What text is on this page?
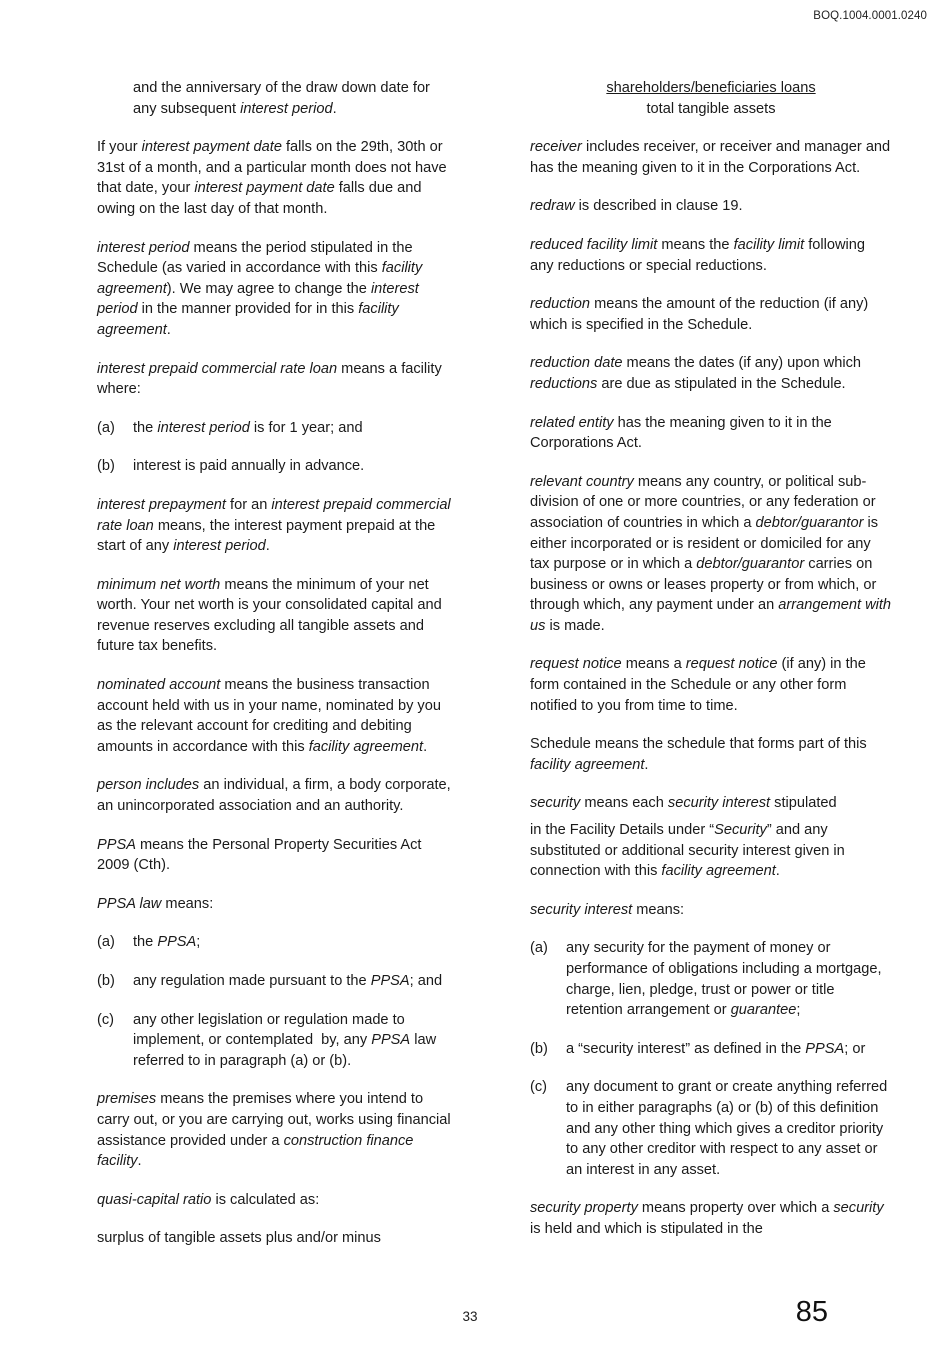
BOQ.1004.0001.0240

and the anniversary of the draw down date for any subsequent interest period.

If your interest payment date falls on the 29th, 30th or 31st of a month, and a particular month does not have that date, your interest payment date falls due and owing on the last day of that month.

interest period means the period stipulated in the Schedule (as varied in accordance with this facility agreement). We may agree to change the interest period in the manner provided for in this facility agreement.

interest prepaid commercial rate loan means a facility where:

(a)	the interest period is for 1 year; and
(b)	interest is paid annually in advance.

interest prepayment for an interest prepaid commercial rate loan means, the interest payment prepaid at the start of any interest period.

minimum net worth means the minimum of your net worth. Your net worth is your consolidated capital and revenue reserves excluding all tangible assets and future tax benefits.

nominated account means the business transaction account held with us in your name, nominated by you as the relevant account for crediting and debiting amounts in accordance with this facility agreement.

person includes an individual, a firm, a body corporate, an unincorporated association and an authority.

PPSA means the Personal Property Securities Act 2009 (Cth).

PPSA law means:

(a)	the PPSA;
(b)	any regulation made pursuant to the PPSA; and
(c)	any other legislation or regulation made to implement, or contemplated  by, any PPSA law referred to in paragraph (a) or (b).

premises means the premises where you intend to carry out, or you are carrying out, works using financial assistance provided under a construction finance facility.

quasi-capital ratio is calculated as:

surplus of tangible assets plus and/or minus

shareholders/beneficiaries loans
total tangible assets

receiver includes receiver, or receiver and manager and has the meaning given to it in the Corporations Act.

redraw is described in clause 19.

reduced facility limit means the facility limit following any reductions or special reductions.

reduction means the amount of the reduction (if any) which is specified in the Schedule.

reduction date means the dates (if any) upon which reductions are due as stipulated in the Schedule.

related entity has the meaning given to it in the Corporations Act.

relevant country means any country, or political sub-division of one or more countries, or any federation or association of countries in which a debtor/guarantor is either incorporated or is resident or domiciled for any tax purpose or in which a debtor/guarantor carries on business or owns or leases property or from which, or through which, any payment under an arrangement with us is made.

request notice means a request notice (if any) in the form contained in the Schedule or any other form notified to you from time to time.

Schedule means the schedule that forms part of this facility agreement.

security means each security interest stipulated

in the Facility Details under “Security” and any substituted or additional security interest given in connection with this facility agreement.

security interest means:

(a)	any security for the payment of money or performance of obligations including a mortgage, charge, lien, pledge, trust or power or title retention arrangement or guarantee;
(b)	a “security interest” as defined in the PPSA; or
(c)	any document to grant or create anything referred to in either paragraphs (a) or (b) of this definition and any other thing which gives a creditor priority to any other creditor with respect to any asset or an interest in any asset.

security property means property over which a security is held and which is stipulated in the

33	85
